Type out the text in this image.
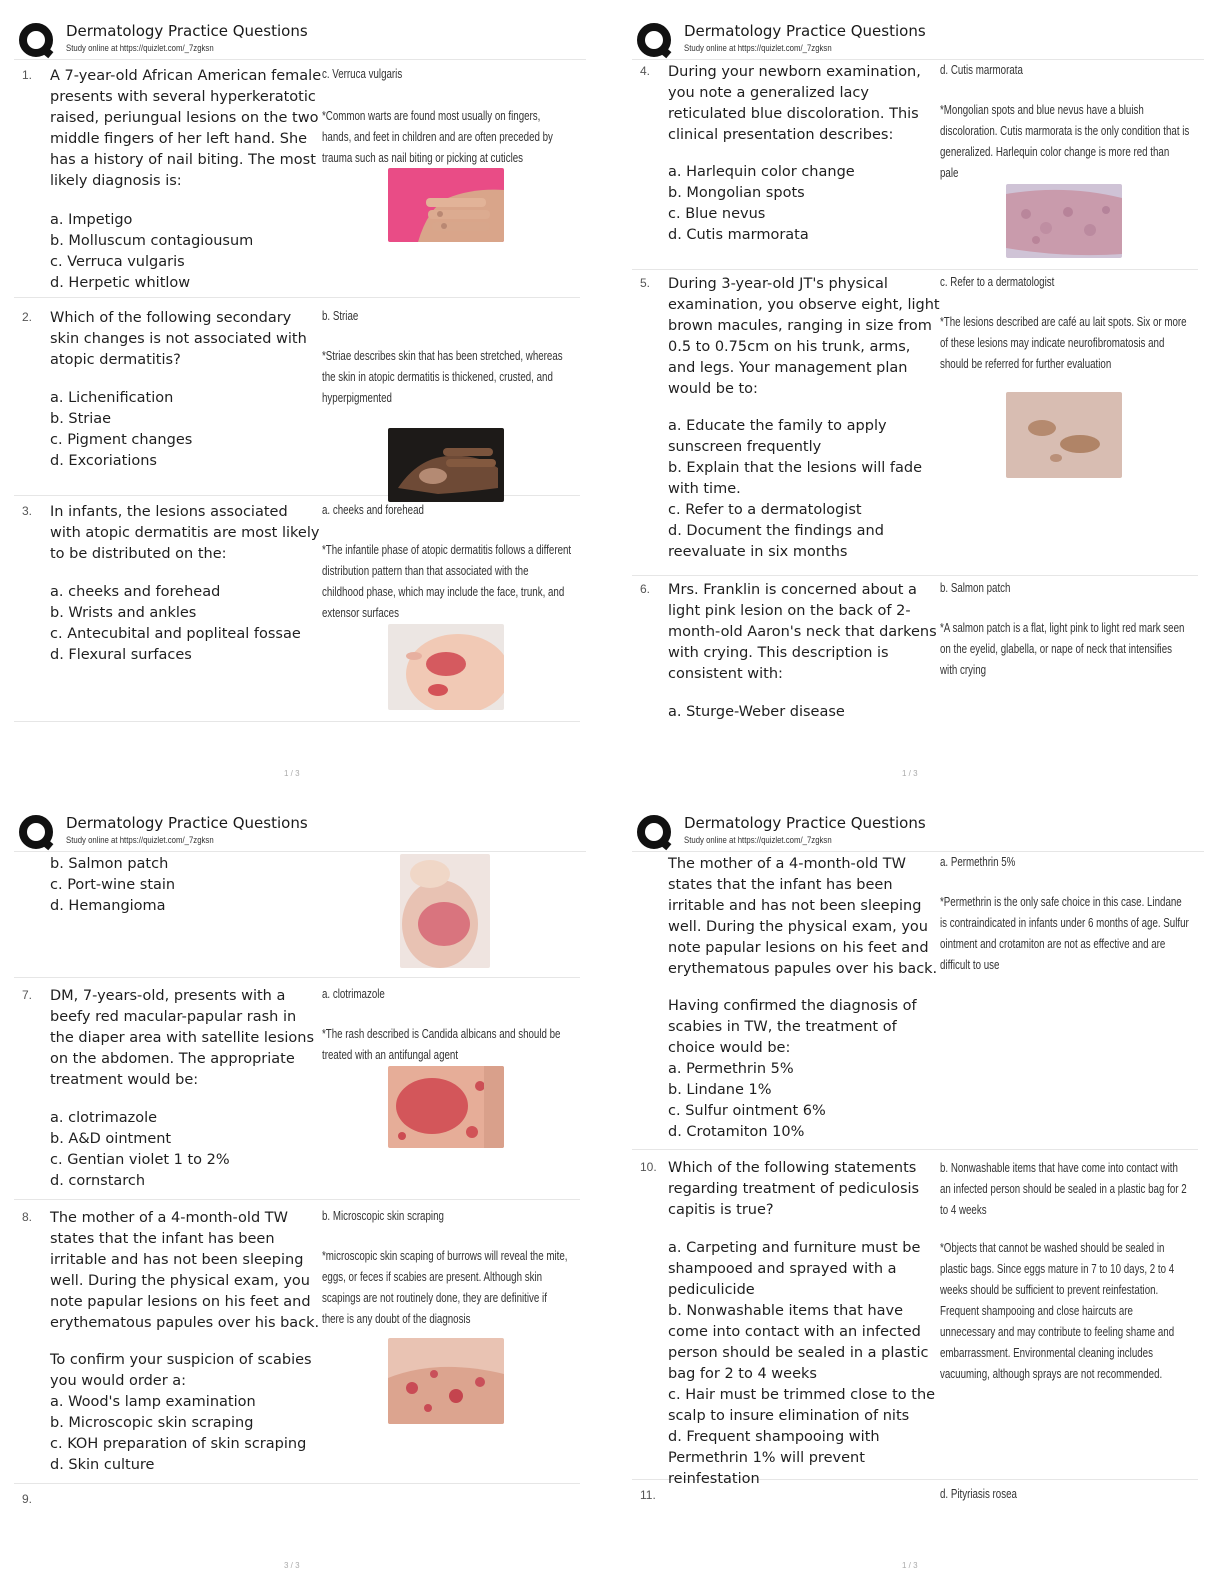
Dermatology Practice Questions
Study online at https://quizlet.com/_7zgksn
1. A 7-year-old African American female presents with several hyperkeratotic raised, periungual lesions on the two middle fingers of her left hand. She has a history of nail biting. The most likely diagnosis is:
a. Impetigo
b. Molluscum contagiousum
c. Verruca vulgaris
d. Herpetic whitlow
c. Verruca vulgaris
*Common warts are found most usually on fingers, hands, and feet in children and are often preceded by trauma such as nail biting or picking at cuticles
2. Which of the following secondary skin changes is not associated with atopic dermatitis?
a. Lichenification
b. Striae
c. Pigment changes
d. Excoriations
b. Striae
*Striae describes skin that has been stretched, whereas the skin in atopic dermatitis is thickened, crusted, and hyperpigmented
3. In infants, the lesions associated with atopic dermatitis are most likely to be distributed on the:
a. cheeks and forehead
b. Wrists and ankles
c. Antecubital and popliteal fossae
d. Flexural surfaces
a. cheeks and forehead
*The infantile phase of atopic dermatitis follows a different distribution pattern than that associated with the childhood phase, which may include the face, trunk, and extensor surfaces
1 / 3
Dermatology Practice Questions
Study online at https://quizlet.com/_7zgksn
4. During your newborn examination, you note a generalized lacy reticulated blue discoloration. This clinical presentation describes:
a. Harlequin color change
b. Mongolian spots
c. Blue nevus
d. Cutis marmorata
d. Cutis marmorata
*Mongolian spots and blue nevus have a bluish discoloration. Cutis marmorata is the only condition that is generalized. Harlequin color change is more red than pale
5. During 3-year-old JT's physical examination, you observe eight, light brown macules, ranging in size from 0.5 to 0.75cm on his trunk, arms, and legs. Your management plan would be to:
a. Educate the family to apply sunscreen frequently
b. Explain that the lesions will fade with time.
c. Refer to a dermatologist
d. Document the findings and reevaluate in six months
c. Refer to a dermatologist
*The lesions described are café au lait spots. Six or more of these lesions may indicate neurofibromatosis and should be referred for further evaluation
6. Mrs. Franklin is concerned about a light pink lesion on the back of 2-month-old Aaron's neck that darkens with crying. This description is consistent with:
a. Sturge-Weber disease
b. Salmon patch
*A salmon patch is a flat, light pink to light red mark seen on the eyelid, glabella, or nape of neck that intensifies with crying
1 / 3
Dermatology Practice Questions
Study online at https://quizlet.com/_7zgksn
b. Salmon patch
c. Port-wine stain
d. Hemangioma
7. DM, 7-years-old, presents with a beefy red macular-papular rash in the diaper area with satellite lesions on the abdomen. The appropriate treatment would be:
a. clotrimazole
b. A&D ointment
c. Gentian violet 1 to 2%
d. cornstarch
a. clotrimazole
*The rash described is Candida albicans and should be treated with an antifungal agent
8. The mother of a 4-month-old TW states that the infant has been irritable and has not been sleeping well. During the physical exam, you note papular lesions on his feet and erythematous papules over his back.
To confirm your suspicion of scabies you would order a:
a. Wood's lamp examination
b. Microscopic skin scraping
c. KOH preparation of skin scraping
d. Skin culture
b. Microscopic skin scraping
*microscopic skin scaping of burrows will reveal the mite, eggs, or feces if scabies are present. Although skin scapings are not routinely done, they are definitive if there is any doubt of the diagnosis
9.
3 / 3
Dermatology Practice Questions
Study online at https://quizlet.com/_7zgksn
The mother of a 4-month-old TW states that the infant has been irritable and has not been sleeping well. During the physical exam, you note papular lesions on his feet and erythematous papules over his back.
Having confirmed the diagnosis of scabies in TW, the treatment of choice would be:
a. Permethrin 5%
b. Lindane 1%
c. Sulfur ointment 6%
d. Crotamiton 10%
a. Permethrin 5%
*Permethrin is the only safe choice in this case. Lindane is contraindicated in infants under 6 months of age. Sulfur ointment and crotamiton are not as effective and are difficult to use
10. Which of the following statements regarding treatment of pediculosis capitis is true?
a. Carpeting and furniture must be shampooed and sprayed with a pediculicide
b. Nonwashable items that have come into contact with an infected person should be sealed in a plastic bag for 2 to 4 weeks
c. Hair must be trimmed close to the scalp to insure elimination of nits
d. Frequent shampooing with Permethrin 1% will prevent reinfestation
b. Nonwashable items that have come into contact with an infected person should be sealed in a plastic bag for 2 to 4 weeks
*Objects that cannot be washed should be sealed in plastic bags. Since eggs mature in 7 to 10 days, 2 to 4 weeks should be sufficient to prevent reinfestation. Frequent shampooing and close haircuts are unnecessary and may contribute to feeling shame and embarrassment. Environmental cleaning includes vacuuming, although sprays are not recommended.
11.	d. Pityriasis rosea
1 / 3
